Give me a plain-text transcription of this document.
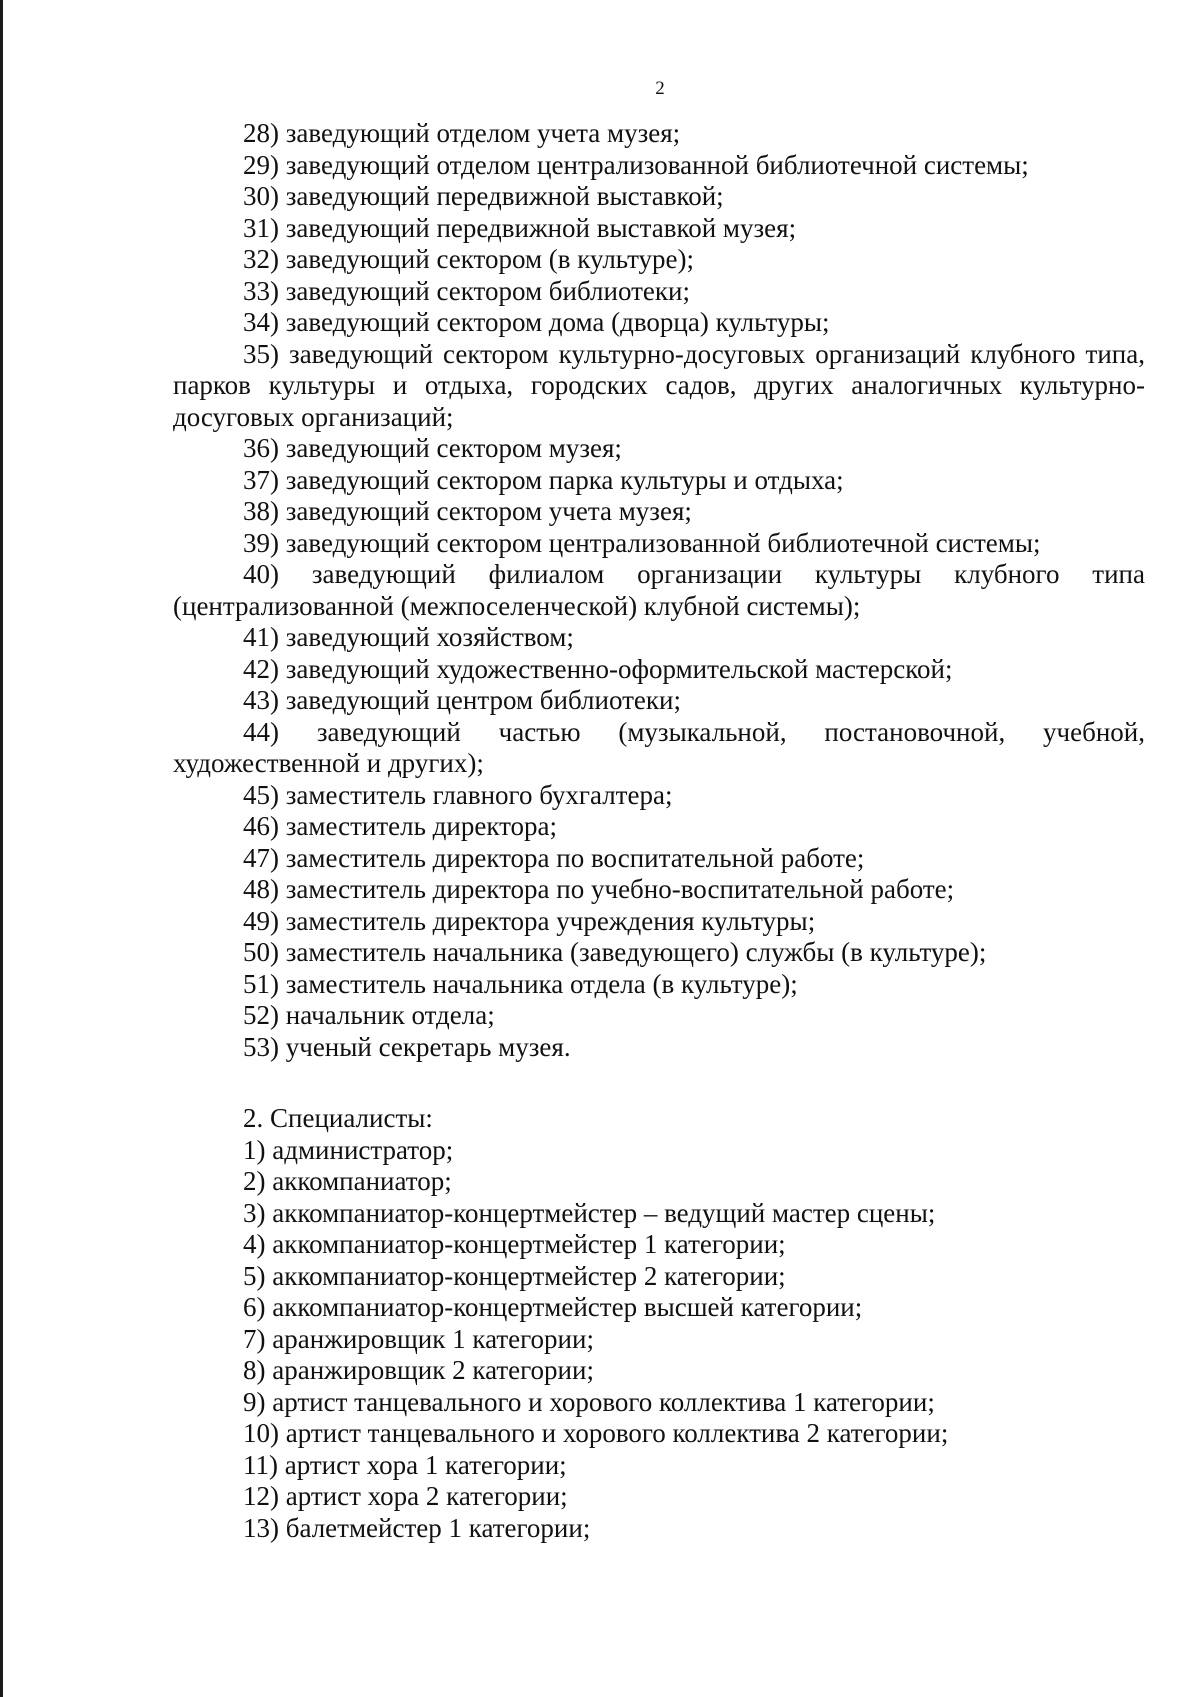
2
28) заведующий отделом учета музея;
29) заведующий отделом централизованной библиотечной системы;
30) заведующий передвижной выставкой;
31) заведующий передвижной выставкой музея;
32) заведующий сектором (в культуре);
33) заведующий сектором библиотеки;
34) заведующий сектором дома (дворца) культуры;
35) заведующий сектором культурно-досуговых организаций клубного типа, парков культуры и отдыха, городских садов, других аналогичных культурно-досуговых организаций;
36) заведующий сектором музея;
37) заведующий сектором парка культуры и отдыха;
38) заведующий сектором учета музея;
39) заведующий сектором централизованной библиотечной системы;
40) заведующий филиалом организации культуры клубного типа (централизованной (межпоселенческой) клубной системы);
41) заведующий хозяйством;
42) заведующий художественно-оформительской мастерской;
43) заведующий центром библиотеки;
44) заведующий частью (музыкальной, постановочной, учебной, художественной и других);
45) заместитель главного бухгалтера;
46) заместитель директора;
47) заместитель директора по воспитательной работе;
48) заместитель директора по учебно-воспитательной работе;
49) заместитель директора учреждения культуры;
50) заместитель начальника (заведующего) службы (в культуре);
51) заместитель начальника отдела (в культуре);
52) начальник отдела;
53) ученый секретарь музея.
2. Специалисты:
1) администратор;
2) аккомпаниатор;
3) аккомпаниатор-концертмейстер – ведущий мастер сцены;
4) аккомпаниатор-концертмейстер 1 категории;
5) аккомпаниатор-концертмейстер 2 категории;
6) аккомпаниатор-концертмейстер высшей категории;
7) аранжировщик 1 категории;
8) аранжировщик 2 категории;
9) артист танцевального и хорового коллектива 1 категории;
10) артист танцевального и хорового коллектива 2 категории;
11) артист хора 1 категории;
12) артист хора 2 категории;
13) балетмейстер 1 категории;
